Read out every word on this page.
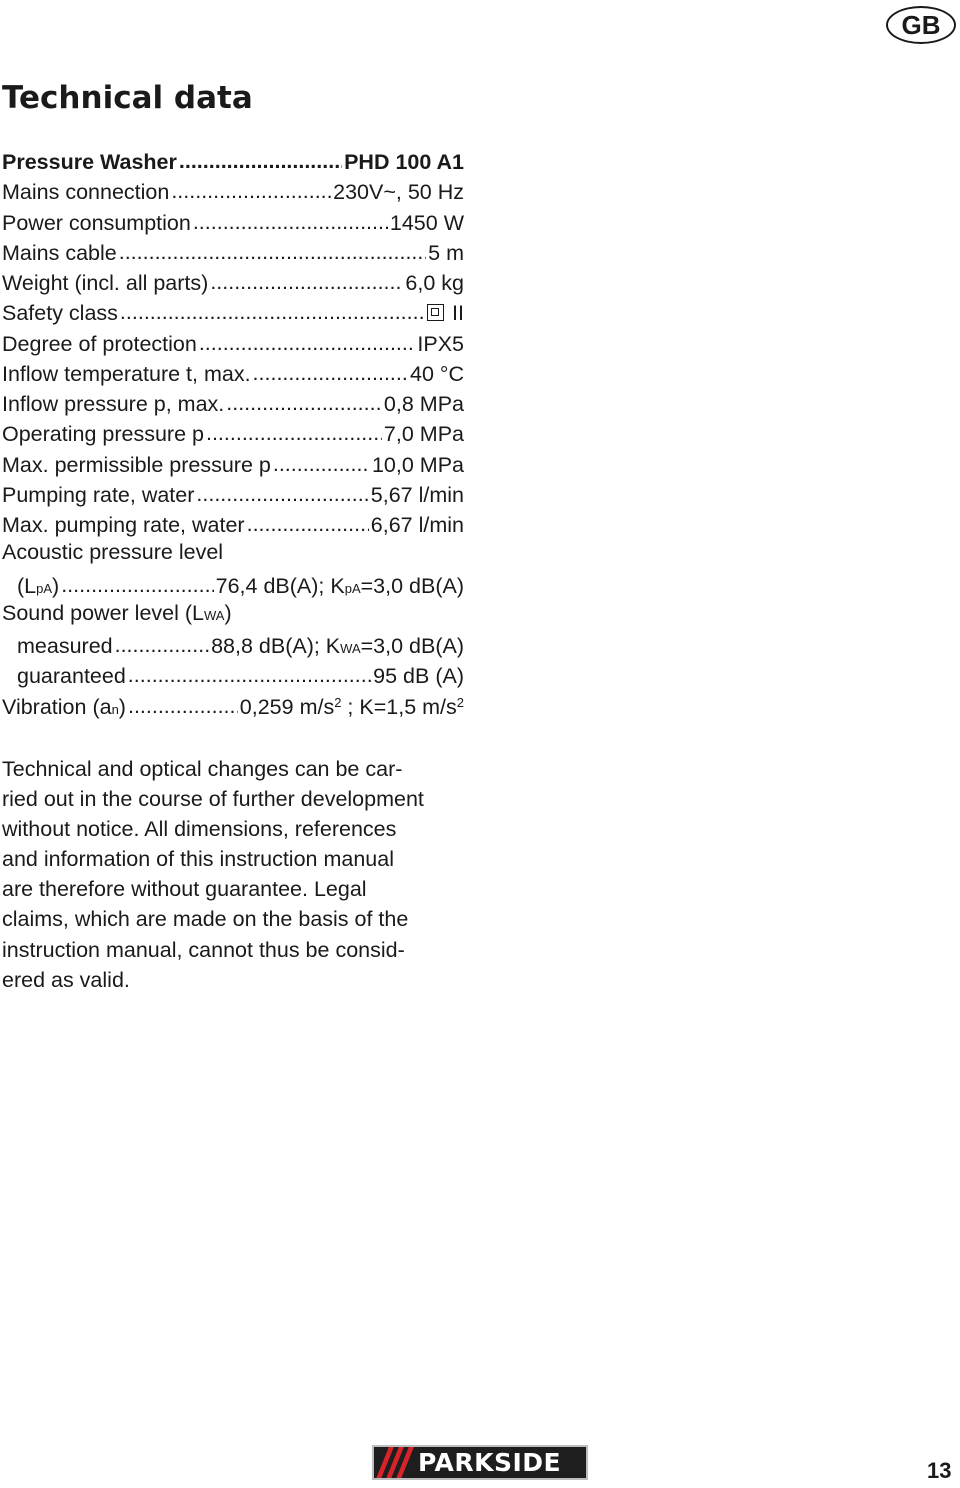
GB
Technical data
Pressure Washer .....	PHD 100 A1
Mains connection .....	230V~, 50 Hz
Power consumption .....	1450 W
Mains cable .....	5 m
Weight (incl. all parts) .....	6,0 kg
Safety class .....	II
Degree of protection .....	IPX5
Inflow temperature t, max. .....	40 °C
Inflow pressure p, max. .....	0,8 MPa
Operating pressure p .....	7,0 MPa
Max. permissible pressure p .....	10,0 MPa
Pumping rate, water .....	5,67 l/min
Max. pumping rate, water .....	6,67 l/min
Acoustic pressure level
(LpA) .....	76,4 dB(A); KpA=3,0 dB(A)
Sound power level (LWA)
measured .....	88,8 dB(A); KWA=3,0 dB(A)
guaranteed .....	95 dB (A)
Vibration (an) .....	0,259 $m/s^2$ ; K=1,5 $m/s^2$
Technical and optical changes can be car-
ried out in the course of further development
without notice. All dimensions, references
and information of this instruction manual
are therefore without guarantee. Legal
claims, which are made on the basis of the
instruction manual, cannot thus be consid-
ered as valid.
PARKSIDE	13
